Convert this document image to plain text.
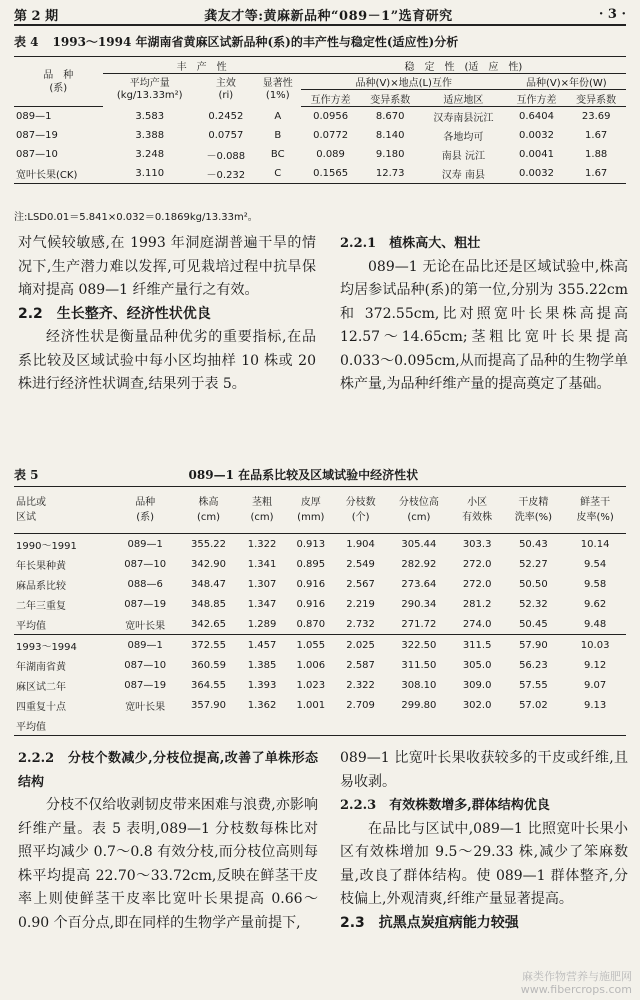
第 2 期	龚友才等:黄麻新品种“089－1”选育研究	· 3 ·
表 4 1993～1994 年湖南省黄麻区试新品种(系)的丰产性与稳定性(适应性)分析
品　种
(系)	丰　产　性			稳　定　性　(适　应　性)				
	平均产量
(kg/13.33m²)	主效
(ri)	显著性
(1%)	品种(V)×地点(L)互作			品种(V)×年份(W)	
				互作方差	变异系数	适应地区	互作方差	变异系数
089—1	3.583	0.2452	A	0.0956	8.670	汉寿南县沅江	0.6404	23.69
087—19	3.388	0.0757	B	0.0772	8.140	各地均可	0.0032	1.67
087—10	3.248	－0.088	BC	0.089	9.180	南县 沅江	0.0041	1.88
宽叶长果(CK)	3.110	－0.232	C	0.1565	12.73	汉寿 南县	0.0032	1.67
注:LSD0.01＝5.841×0.032＝0.1869kg/13.33m²。

对气候较敏感,在 1993 年洞庭湖普遍干旱的情况下,生产潜力难以发挥,可见栽培过程中抗旱保墒对提高 089—1 纤维产量行之有效。

2.2　生长整齐、经济性状优良

经济性状是衡量品种优劣的重要指标,在品系比较及区域试验中每小区均抽样 10 株或 20 株进行经济性状调查,结果列于表 5。

2.2.1　植株高大、粗壮

089—1 无论在品比还是区域试验中,株高均居参试品种(系)的第一位,分别为 355.22cm 和 372.55cm,比对照宽叶长果株高提高 12.57～14.65cm;茎粗比宽叶长果提高 0.033～0.095cm,从而提高了品种的生物学单株产量,为品种纤维产量的提高奠定了基础。

表 5	089—1 在品系比较及区域试验中经济性状
品比或
区试	品种
(系)	株高
(cm)	茎粗
(cm)	皮厚
(mm)	分枝数
(个)	分枝位高
(cm)	小区
有效株	干皮精
洗率(%)	鲜茎干
皮率(%)
1990～1991	089—1	355.22	1.322	0.913	1.904	305.44	303.3	50.43	10.14
年长果种黄	087—10	342.90	1.341	0.895	2.549	282.92	272.0	52.27	9.54
麻品系比较	088—6	348.47	1.307	0.916	2.567	273.64	272.0	50.50	9.58
二年三重复	087—19	348.85	1.347	0.916	2.219	290.34	281.2	52.32	9.62
平均值	宽叶长果	342.65	1.289	0.870	2.732	271.72	274.0	50.45	9.48
1993～1994	089—1	372.55	1.457	1.055	2.025	322.50	311.5	57.90	10.03
年湖南省黄	087—10	360.59	1.385	1.006	2.587	311.50	305.0	56.23	9.12
麻区试二年	087—19	364.55	1.393	1.023	2.322	308.10	309.0	57.55	9.07
四重复十点	宽叶长果	357.90	1.362	1.001	2.709	299.80	302.0	57.02	9.13
平均值									

2.2.2　分枝个数减少,分枝位提高,改善了单株形态结构

分枝不仅给收剥韧皮带来困难与浪费,亦影响纤维产量。表 5 表明,089—1 分枝数每株比对照平均减少 0.7～0.8 有效分枝,而分枝位高则每株平均提高 22.70～33.72cm,反映在鲜茎干皮率上则使鲜茎干皮率比宽叶长果提高 0.66～0.90 个百分点,即在同样的生物学产量前提下,

089—1 比宽叶长果收获较多的干皮或纤维,且易收剥。

2.2.3　有效株数增多,群体结构优良

在品比与区试中,089—1 比照宽叶长果小区有效株增加 9.5～29.33 株,减少了笨麻数量,改良了群体结构。使 089—1 群体整齐,分枝偏上,外观清爽,纤维产量显著提高。

2.3　抗黑点炭疽病能力较强

麻类作物营养与施肥网
www.fibercrops.com
